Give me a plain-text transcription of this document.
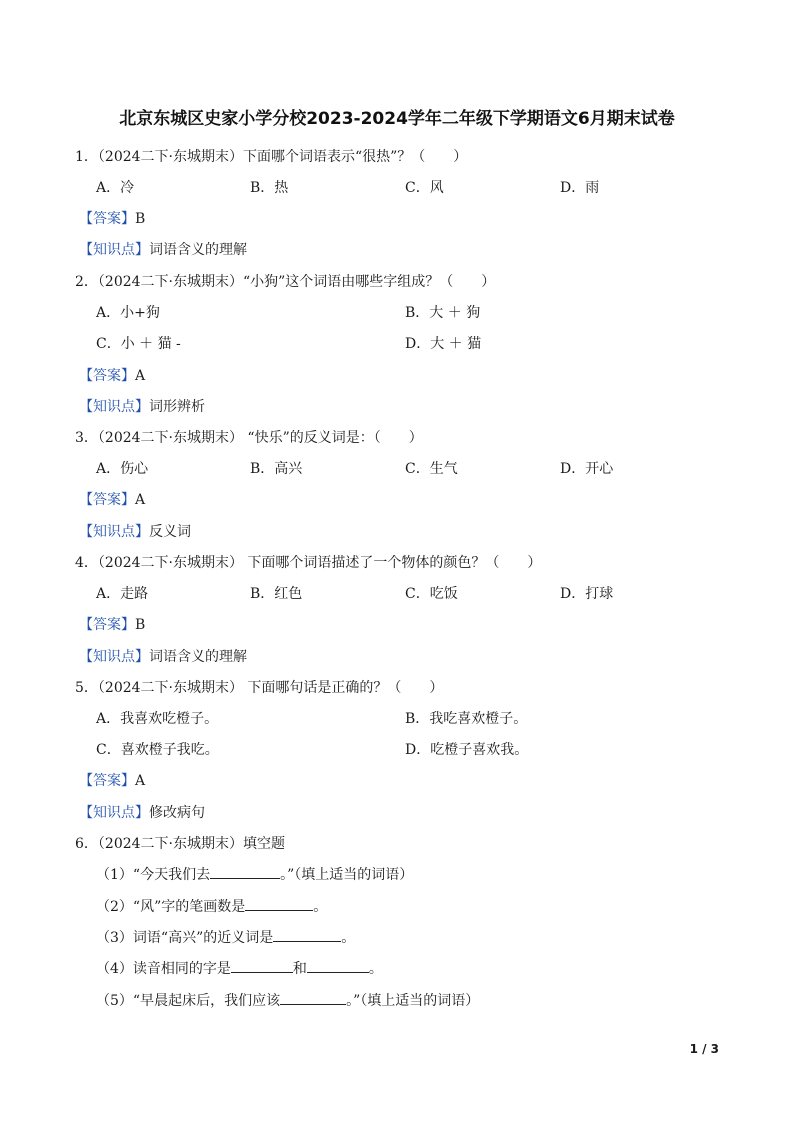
北京东城区史家小学分校2023-2024学年二年级下学期语文6月期末试卷
1．（2024二下·东城期末）下面哪个词语表示“很热”？（　　）
A．冷	B．热	C．风	D．雨
【答案】B
【知识点】词语含义的理解
2．（2024二下·东城期末）“小狗”这个词语由哪些字组成？（　　）
A．小+狗	B．大 ＋ 狗
C．小 ＋ 猫 -	D．大 ＋ 猫
【答案】A
【知识点】词形辨析
3．（2024二下·东城期末） “快乐”的反义词是：（　　）
A．伤心	B．高兴	C．生气	D．开心
【答案】A
【知识点】反义词
4．（2024二下·东城期末） 下面哪个词语描述了一个物体的颜色？（　　）
A．走路	B．红色	C．吃饭	D．打球
【答案】B
【知识点】词语含义的理解
5．（2024二下·东城期末） 下面哪句话是正确的？（　　）
A．我喜欢吃橙子。	B．我吃喜欢橙子。
C．喜欢橙子我吃。	D．吃橙子喜欢我。
【答案】A
【知识点】修改病句
6．（2024二下·东城期末）填空题
（1）“今天我们去	。”（填上适当的词语）
（2）“风”字的笔画数是	。
（3）词语“高兴”的近义词是	。
（4）读音相同的字是	和	。
（5）“早晨起床后，我们应该	。”（填上适当的词语）
1 / 3
